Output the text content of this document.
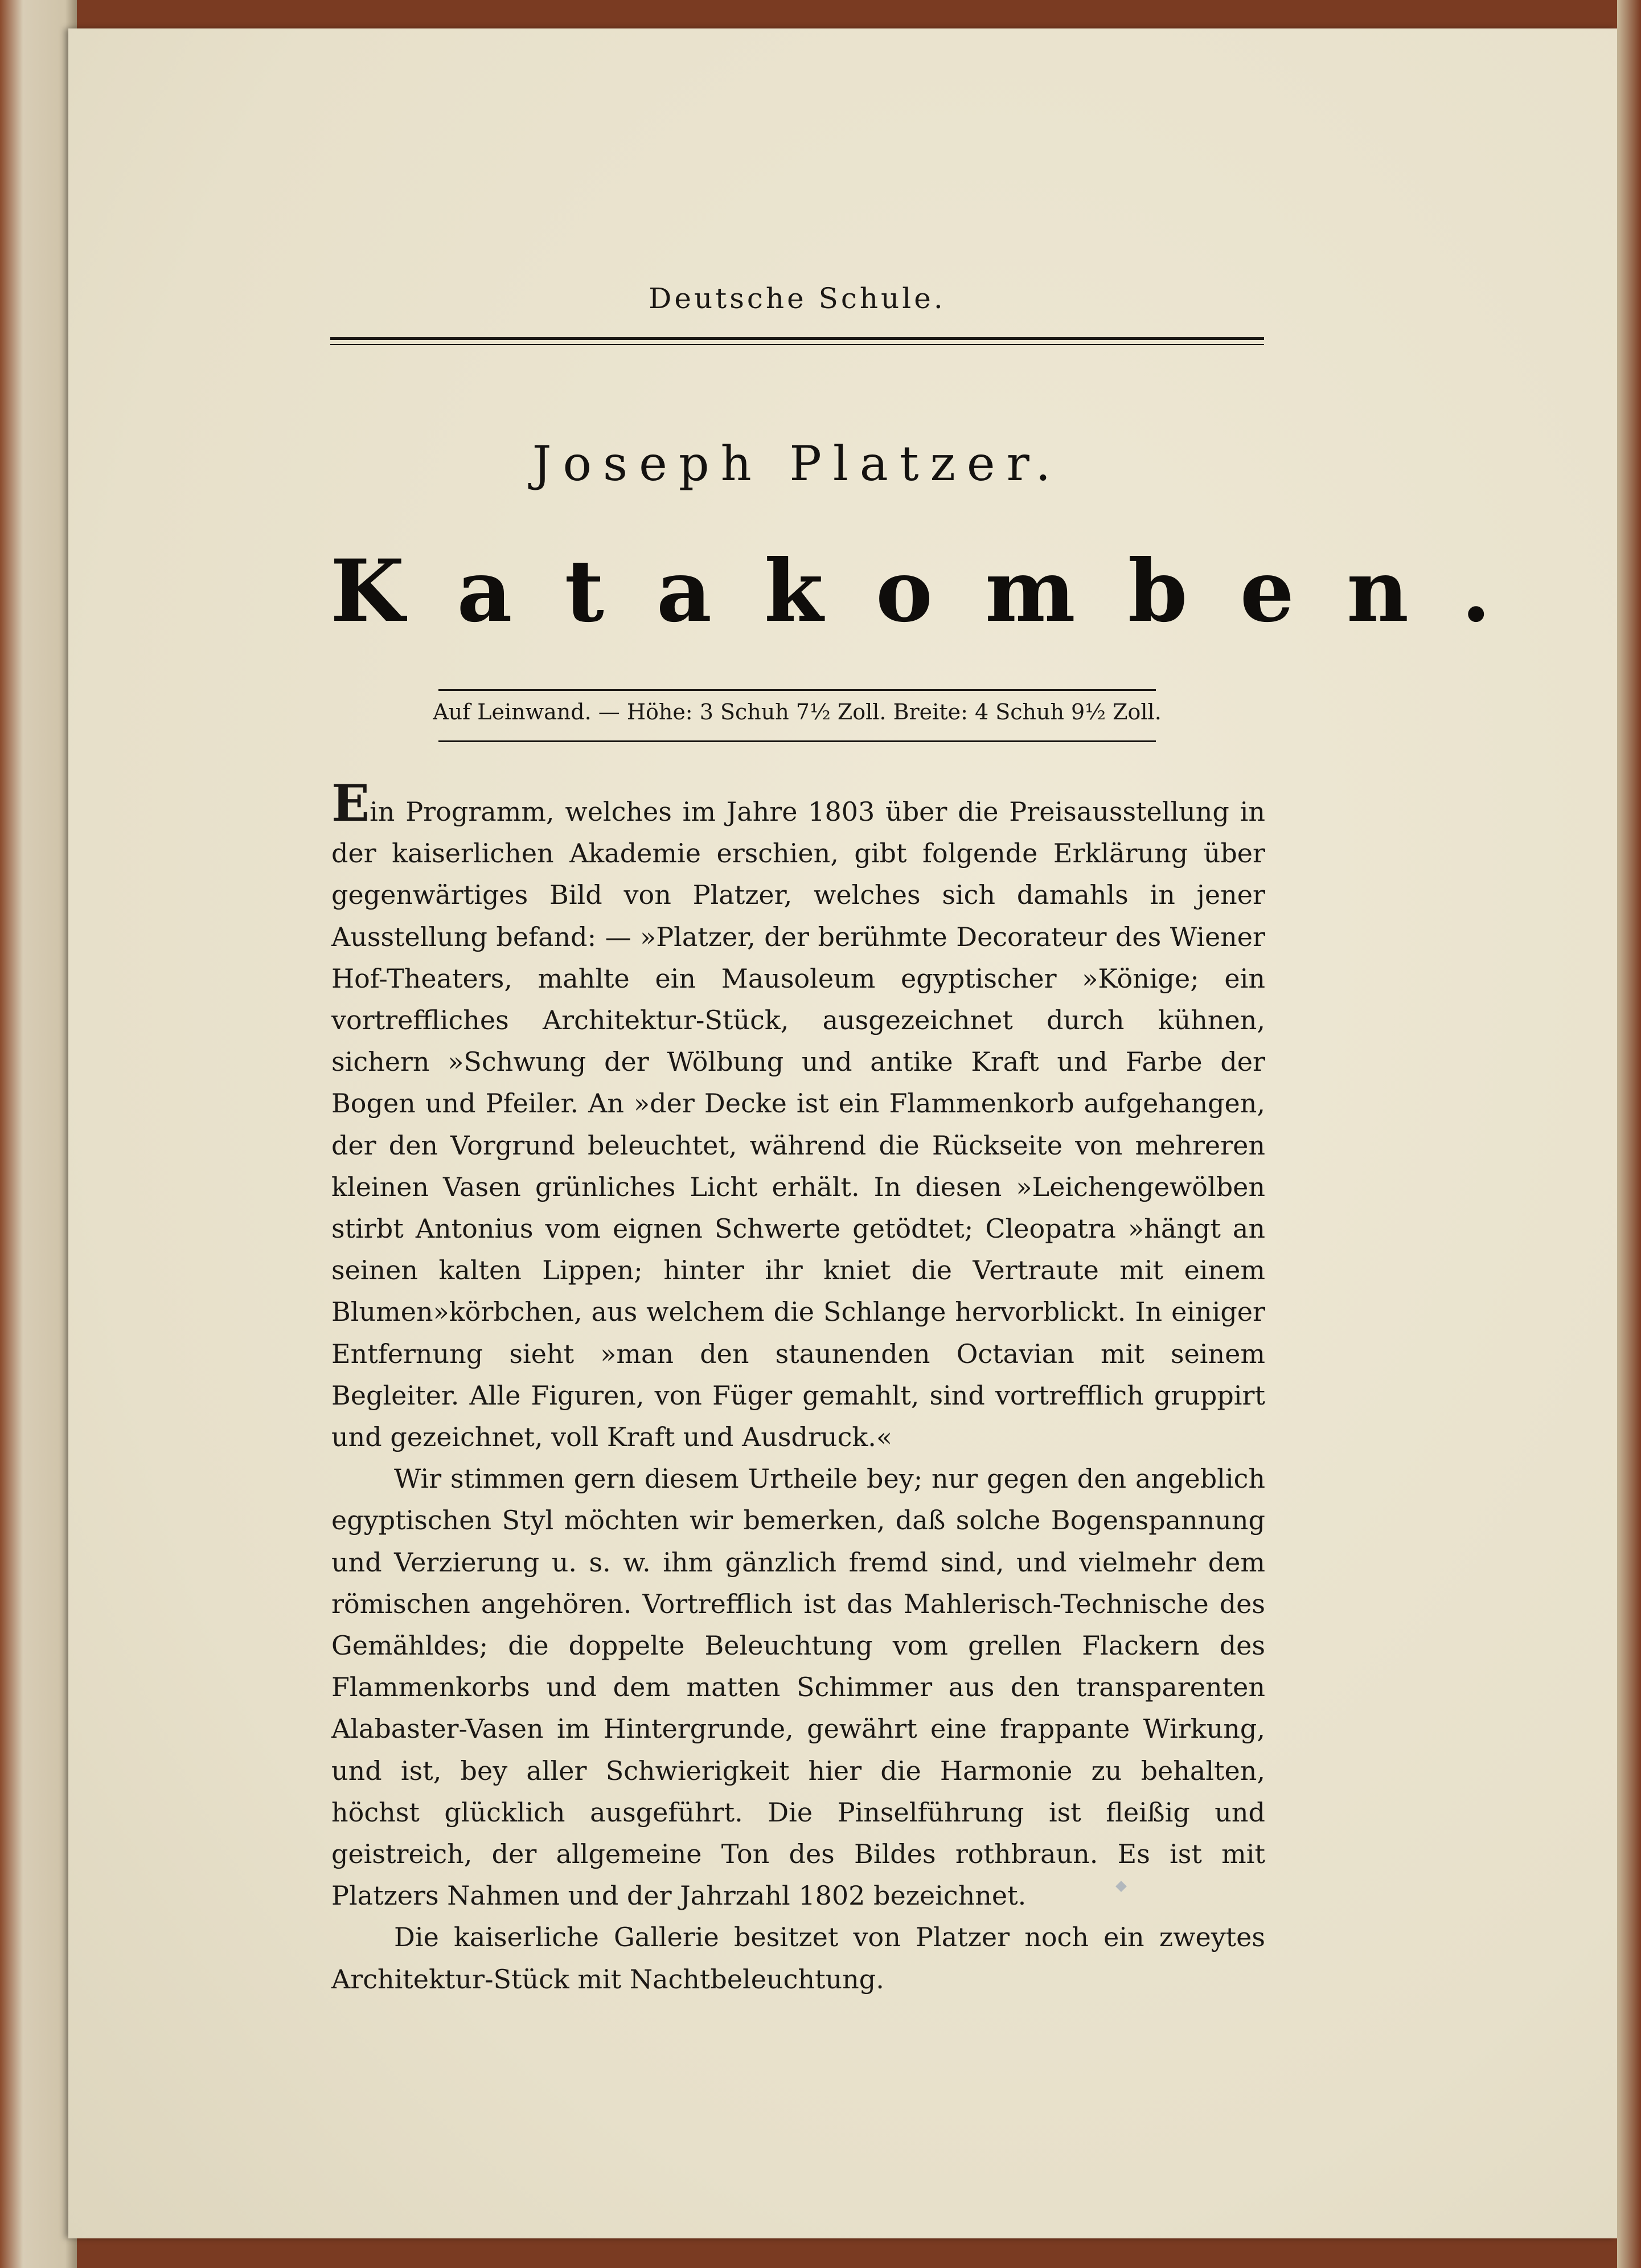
Deutsche Schule.
Joseph Platzer.
Katakomben.
Auf Leinwand. — Höhe: 3 Schuh 7½ Zoll. Breite: 4 Schuh 9½ Zoll.

Ein Programm, welches im Jahre 1803 über die Preisausstellung in der kaiserlichen Akademie erschien, gibt folgende Erklärung über gegenwärtiges Bild von Platzer, welches sich damahls in jener Ausstellung befand: — »Platzer, der berühmte Decorateur des Wiener Hof-Theaters, mahlte ein Mausoleum egyptischer »Könige; ein vortreffliches Architektur-Stück, ausgezeichnet durch kühnen, sichern »Schwung der Wölbung und antike Kraft und Farbe der Bogen und Pfeiler. An »der Decke ist ein Flammenkorb aufgehangen, der den Vorgrund beleuchtet, während die Rückseite von mehreren kleinen Vasen grünliches Licht erhält. In diesen »Leichengewölben stirbt Antonius vom eignen Schwerte getödtet; Cleopatra »hängt an seinen kalten Lippen; hinter ihr kniet die Vertraute mit einem Blumen»körbchen, aus welchem die Schlange hervorblickt. In einiger Entfernung sieht »man den staunenden Octavian mit seinem Begleiter. Alle Figuren, von Füger gemahlt, sind vortrefflich gruppirt und gezeichnet, voll Kraft und Ausdruck.«

Wir stimmen gern diesem Urtheile bey; nur gegen den angeblich egyptischen Styl möchten wir bemerken, daß solche Bogenspannung und Verzierung u. s. w. ihm gänzlich fremd sind, und vielmehr dem römischen angehören. Vortrefflich ist das Mahlerisch-Technische des Gemähldes; die doppelte Beleuchtung vom grellen Flackern des Flammenkorbs und dem matten Schimmer aus den transparenten Alabaster-Vasen im Hintergrunde, gewährt eine frappante Wirkung, und ist, bey aller Schwierigkeit hier die Harmonie zu behalten, höchst glücklich ausgeführt. Die Pinselführung ist fleißig und geistreich, der allgemeine Ton des Bildes rothbraun. Es ist mit Platzers Nahmen und der Jahrzahl 1802 bezeichnet.

Die kaiserliche Gallerie besitzet von Platzer noch ein zweytes Architektur-Stück mit Nachtbeleuchtung.
